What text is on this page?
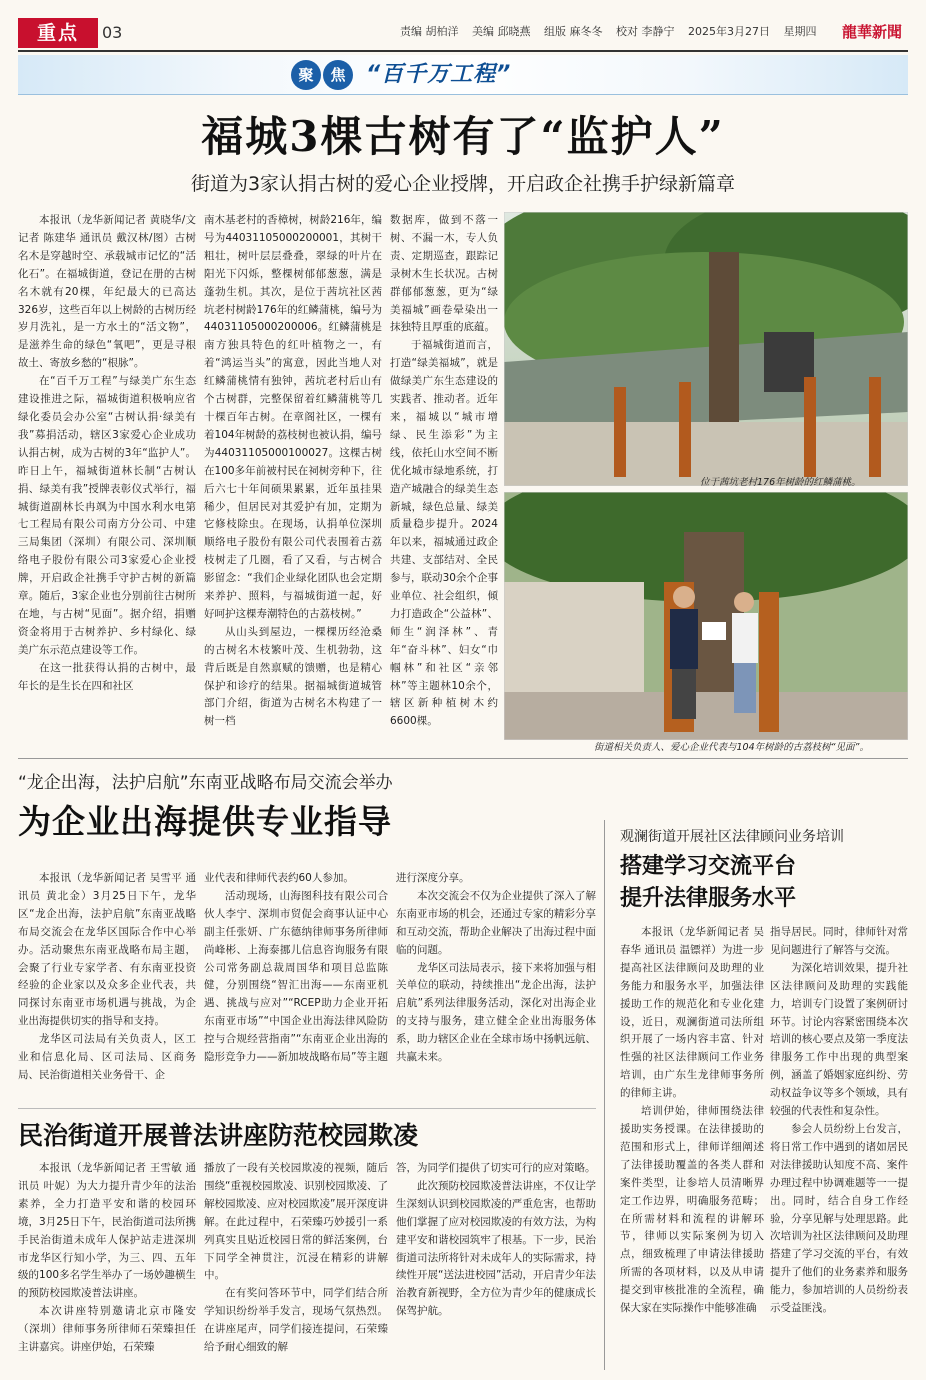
重点	03	责编 胡柏洋 美编 邱晓燕 组版 麻冬冬 校对 李静宁 2025年3月27日 星期四	龍華新聞
聚	焦 “百千万工程”
福城3棵古树有了“监护人”
街道为3家认捐古树的爱心企业授牌，开启政企社携手护绿新篇章

本报讯（龙华新闻记者 黄晓华/文 记者 陈建华 通讯员 戴汉林/图）古树名木是穿越时空、承载城市记忆的“活化石”。在福城街道，登记在册的古树名木就有20棵，年纪最大的已高达326岁，这些百年以上树龄的古树历经岁月洗礼，是一方水土的“活文物”，是滋养生命的绿色“氧吧”，更是寻根故土、寄放乡愁的“根脉”。

在“百千万工程”与绿美广东生态建设推进之际，福城街道积极响应省绿化委员会办公室“古树认捐·绿美有我”募捐活动，辖区3家爱心企业成功认捐古树，成为古树的3年“监护人”。昨日上午，福城街道林长制“古树认捐、绿美有我”授牌表彰仪式举行，福城街道副林长冉飒为中国水利水电第七工程局有限公司南方分公司、中建三局集团（深圳）有限公司、深圳顺络电子股份有限公司3家爱心企业授牌，开启政企社携手守护古树的新篇章。随后，3家企业也分别前往古树所在地，与古树“见面”。据介绍，捐赠资金将用于古树养护、乡村绿化、绿美广东示范点建设等工作。

在这一批获得认捐的古树中，最年长的是生长在四和社区

南木基老村的香樟树，树龄216年，编号为44031105000200001，其树干粗壮，树叶层层叠叠，翠绿的叶片在阳光下闪烁，整棵树郁郁葱葱，满是蓬勃生机。其次，是位于茜坑社区茜坑老村树龄176年的红鳞蒲桃，编号为44031105000200006。红鳞蒲桃是南方独具特色的红叶植物之一，有着“鸿运当头”的寓意，因此当地人对红鳞蒲桃情有独钟，茜坑老村后山有个古树群，完整保留着红鳞蒲桃等几十棵百年古树。在章阁社区，一棵有着104年树龄的荔枝树也被认捐，编号为44031105000100027。这棵古树在100多年前被村民在祠树旁种下，往后六七十年间硕果累累，近年虽挂果稀少，但居民对其爱护有加，定期为它修枝除虫。在现场，认捐单位深圳顺络电子股份有限公司代表围着古荔枝树走了几圈，看了又看，与古树合影留念：“我们企业绿化团队也会定期来养护、照料，与福城街道一起，好好呵护这棵寿潮特色的古荔枝树。”

从山头到屋边，一棵棵历经沧桑的古树名木枝繁叶茂、生机勃勃，这背后既是自然禀赋的馈赠，也是精心保护和诊疗的结果。据福城街道城管部门介绍，街道为古树名木构建了一树一档

数据库，做到不落一树、不漏一木，专人负责、定期巡查，跟踪记录树木生长状况。古树群郁郁葱葱，更为“绿美福城”画卷晕染出一抹独特且厚重的底蕴。

于福城街道而言，打造“绿美福城”，就是做绿美广东生态建设的实践者、推动者。近年来，福城以“城市增绿、民生添彩”为主线，依托山水空间不断优化城市绿地系统，打造产城融合的绿美生态新城，绿色总量、绿美质量稳步提升。2024年以来，福城通过政企共建、支部结对、全民参与，联动30余个企事业单位、社会组织，倾力打造政企“公益林”、师生“润泽林”、青年“奋斗林”、妇女“巾帼林”和社区“亲邻林”等主题林10余个，辖区新种植树木约6600棵。

位于茜坑老村176年树龄的红鳞蒲桃。
街道相关负责人、爱心企业代表与104年树龄的古荔枝树“见面”。
“龙企出海，法护启航”东南亚战略布局交流会举办
为企业出海提供专业指导

本报讯（龙华新闻记者 吴雪平 通讯员 黄北金）3月25日下午，龙华区“龙企出海，法护启航”东南亚战略布局交流会在龙华区国际合作中心举办。活动聚焦东南亚战略布局主题，会聚了行业专家学者、有东南亚投资经验的企业家以及众多企业代表，共同探讨东南亚市场机遇与挑战，为企业出海提供切实的指导和支持。

龙华区司法局有关负责人，区工业和信息化局、区司法局、区商务局、民治街道相关业务骨干、企

业代表和律师代表约60人参加。

活动现场，山海图科技有限公司合伙人李宁、深圳市贸促会商事认证中心副主任张妍、广东德纳律师事务所律师尚峰彬、上海泰挪儿信息咨询服务有限公司常务副总裁周国华和项目总监陈健，分别围绕“智汇出海——东南亚机遇、挑战与应对”“RCEP助力企业开拓东南亚市场”“中国企业出海法律风险防控与合规经营指南”“东南亚企业出海的隐形竞争力——新加坡战略布局”等主题

进行深度分享。

本次交流会不仅为企业提供了深入了解东南亚市场的机会，还通过专家的精彩分享和互动交流，帮助企业解决了出海过程中面临的问题。

龙华区司法局表示，接下来将加强与相关单位的联动，持续推出“龙企出海，法护启航”系列法律服务活动，深化对出海企业的支持与服务，建立健全企业出海服务体系，助力辖区企业在全球市场中扬帆远航、共赢未来。

民治街道开展普法讲座防范校园欺凌

本报讯（龙华新闻记者 王雪敏 通讯员 叶妮）为大力提升青少年的法治素养，全力打造平安和谐的校园环境，3月25日下午，民治街道司法所携手民治街道未成年人保护站走进深圳市龙华区行知小学，为三、四、五年级的100多名学生举办了一场妙趣横生的预防校园欺凌普法讲座。

本次讲座特别邀请北京市隆安（深圳）律师事务所律师石荣臻担任主讲嘉宾。讲座伊始，石荣臻

播放了一段有关校园欺凌的视频，随后围绕“重视校园欺凌、识别校园欺凌、了解校园欺凌、应对校园欺凌”展开深度讲解。在此过程中，石荣臻巧妙援引一系列真实且贴近校园日常的鲜活案例，台下同学全神贯注，沉浸在精彩的讲解中。

在有奖问答环节中，同学们结合所学知识纷纷举手发言，现场气氛热烈。在讲座尾声，同学们接连提问，石荣臻给予耐心细致的解

答，为同学们提供了切实可行的应对策略。

此次预防校园欺凌普法讲座，不仅让学生深刻认识到校园欺凌的严重危害，也帮助他们掌握了应对校园欺凌的有效方法，为构建平安和谐校园筑牢了根基。下一步，民治街道司法所将针对未成年人的实际需求，持续性开展“送法进校园”活动，开启青少年法治教育新视野，全方位为青少年的健康成长保驾护航。

观澜街道开展社区法律顾问业务培训
搭建学习交流平台
提升法律服务水平

本报讯（龙华新闻记者 吴春华 通讯员 温镖祥）为进一步提高社区法律顾问及助理的业务能力和服务水平，加强法律援助工作的规范化和专业化建设，近日，观澜街道司法所组织开展了一场内容丰富、针对性强的社区法律顾问工作业务培训，由广东生龙律师事务所的律师主讲。

培训伊始，律师围绕法律援助实务授课。在法律援助的范围和形式上，律师详细阐述了法律援助覆盖的各类人群和案件类型，让参培人员清晰界定工作边界，明确服务范畴；在所需材料和流程的讲解环节，律师以实际案例为切入点，细致梳理了申请法律援助所需的各项材料，以及从申请提交到审核批准的全流程，确保大家在实际操作中能够准确

指导居民。同时，律师针对常见问题进行了解答与交流。

为深化培训效果，提升社区法律顾问及助理的实践能力，培训专门设置了案例研讨环节。讨论内容紧密围绕本次培训的核心要点及第一季度法律服务工作中出现的典型案例，涵盖了婚姻家庭纠纷、劳动权益争议等多个领域，具有较强的代表性和复杂性。

参会人员纷纷上台发言，将日常工作中遇到的诸如居民对法律援助认知度不高、案件办理过程中协调难题等一一提出。同时，结合自身工作经验，分享见解与处理思路。此次培训为社区法律顾问及助理搭建了学习交流的平台，有效提升了他们的业务素养和服务能力，参加培训的人员纷纷表示受益匪浅。
